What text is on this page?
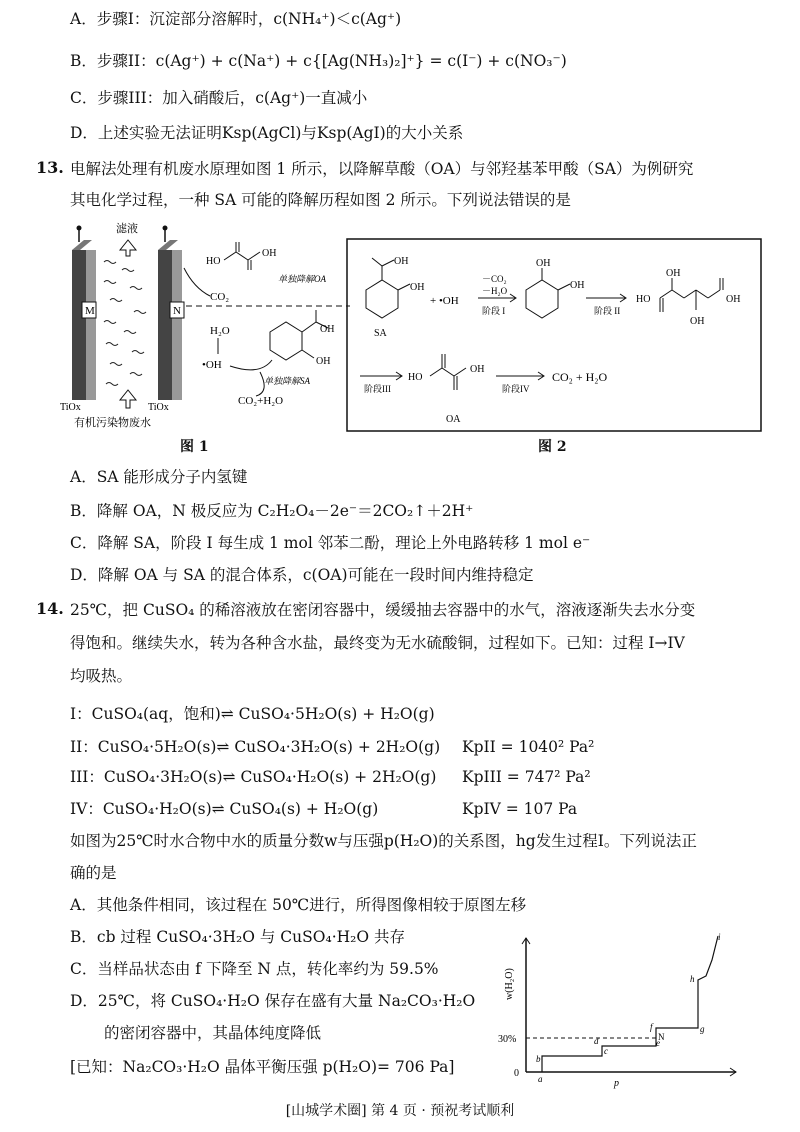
A．步骤I：沉淀部分溶解时，c(NH₄⁺)＜c(Ag⁺)
B．步骤II：c(Ag⁺) + c(Na⁺) + c{[Ag(NH₃)₂]⁺} = c(I⁻) + c(NO₃⁻)
C．步骤III：加入硝酸后，c(Ag⁺)一直减小
D．上述实验无法证明Ksp(AgCl)与Ksp(AgI)的大小关系
13. 电解法处理有机废水原理如图 1 所示，以降解草酸（OA）与邻羟基苯甲酸（SA）为例研究
其电化学过程，一种 SA 可能的降解历程如图 2 所示。下列说法错误的是
M	N
滤液
TiOx	TiOx
有机污染物废水
HO
OH
单独降解OA
CO₂
H₂O
•OH
OH
OH
单独降解SA
CO₂+H₂O
图 1
OH
OH
SA
+ •OH
－CO₂
－H₂O
阶段 I
OH
OH
阶段 II
HO
OH
OH
OH
阶段III
HO
OH
OA
阶段IV
CO₂ + H₂O
图 2
A．SA 能形成分子内氢键
B．降解 OA，N 极反应为 C₂H₂O₄－2e⁻＝2CO₂↑＋2H⁺
C．降解 SA，阶段 I 每生成 1 mol 邻苯二酚，理论上外电路转移 1 mol e⁻
D．降解 OA 与 SA 的混合体系，c(OA)可能在一段时间内维持稳定
14. 25℃，把 CuSO₄ 的稀溶液放在密闭容器中，缓缓抽去容器中的水气，溶液逐渐失去水分变
得饱和。继续失水，转为各种含水盐，最终变为无水硫酸铜，过程如下。已知：过程 I→IV
均吸热。
I：CuSO₄(aq，饱和)⇌ CuSO₄·5H₂O(s) + H₂O(g)
II：CuSO₄·5H₂O(s)⇌ CuSO₄·3H₂O(s) + 2H₂O(g) KpII = 1040² Pa²
III：CuSO₄·3H₂O(s)⇌ CuSO₄·H₂O(s) + 2H₂O(g) KpIII = 747² Pa²
IV：CuSO₄·H₂O(s)⇌ CuSO₄(s) + H₂O(g)	KpIV = 107 Pa
如图为25℃时水合物中水的质量分数w与压强p(H₂O)的关系图，hg发生过程I。下列说法正
确的是
A．其他条件相同，该过程在 50℃进行，所得图像相较于原图左移
B．cb 过程 CuSO₄·3H₂O 与 CuSO₄·H₂O 共存
C．当样品状态由 f 下降至 N 点，转化率约为 59.5%
D．25℃，将 CuSO₄·H₂O 保存在盛有大量 Na₂CO₃·H₂O
的密闭容器中，其晶体纯度降低
[已知：Na₂CO₃·H₂O 晶体平衡压强 p(H₂O)= 706 Pa]
w(H₂O)
p
30%
0 a
b
c
d	e
f	g
h
i
N
[山城学术圈] 第 4 页 · 预祝考试顺利
